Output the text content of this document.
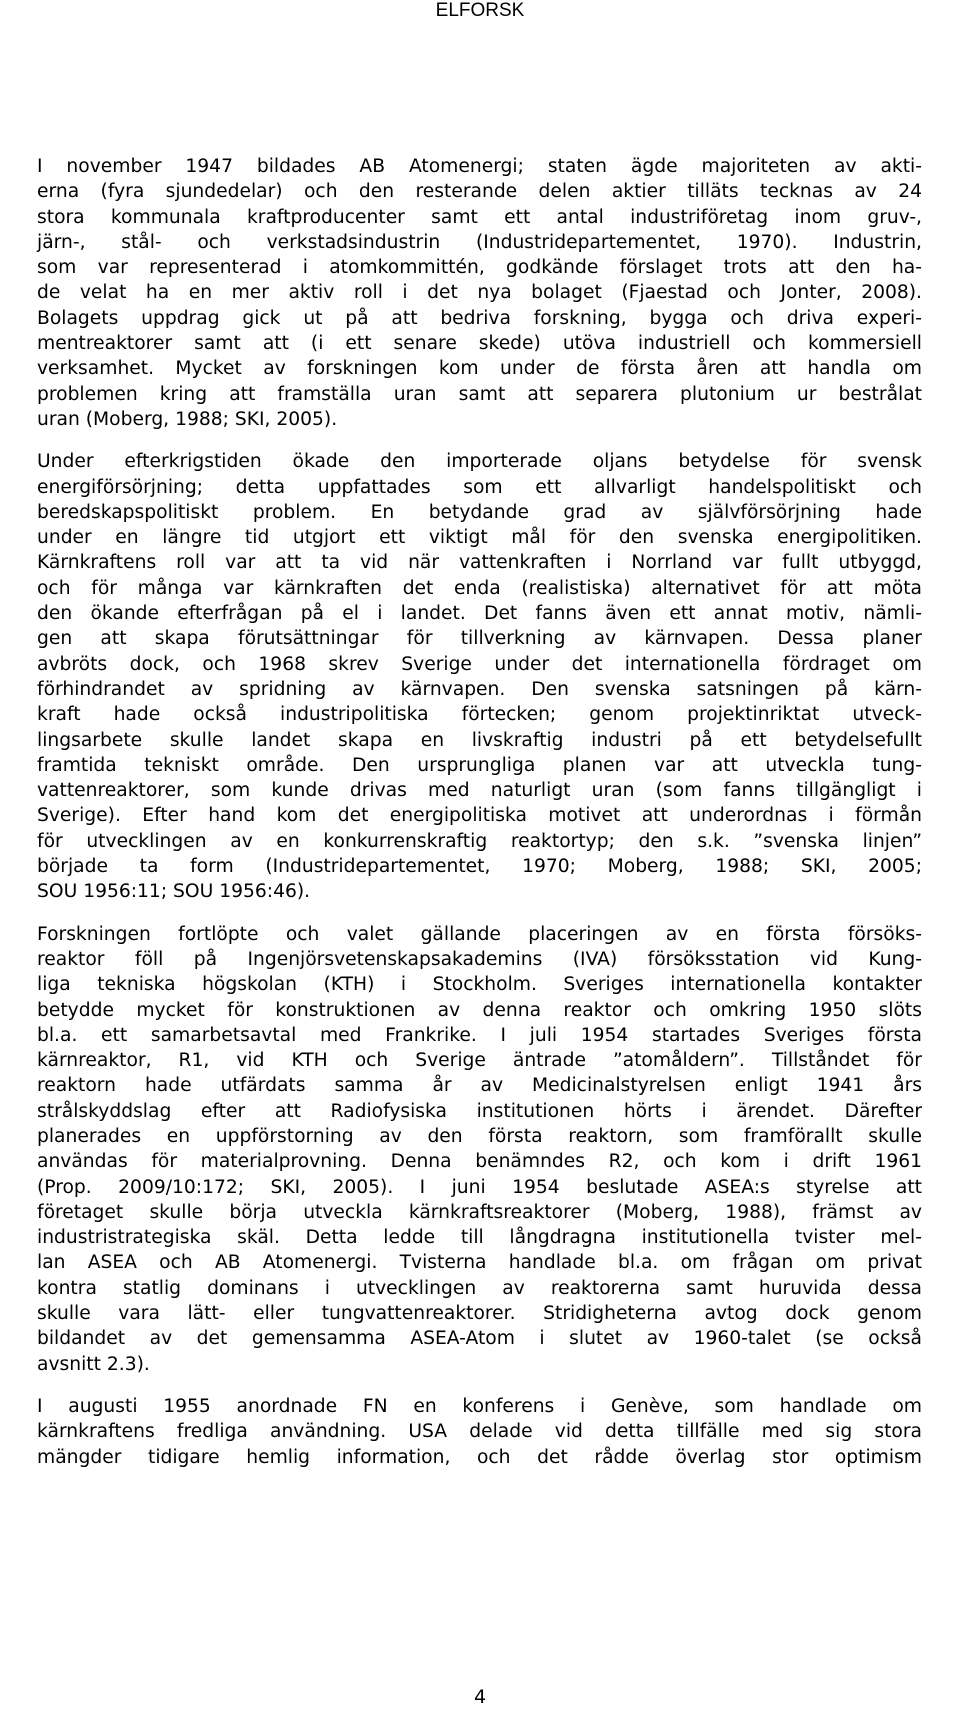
ELFORSK
I november 1947 bildades AB Atomenergi; staten ägde majoriteten av akti-
erna (fyra sjundedelar) och den resterande delen aktier tilläts tecknas av 24
stora kommunala kraftproducenter samt ett antal industriföretag inom gruv-,
järn-, stål- och verkstadsindustrin (Industridepartementet, 1970). Industrin,
som var representerad i atomkommittén, godkände förslaget trots att den ha-
de velat ha en mer aktiv roll i det nya bolaget (Fjaestad och Jonter, 2008).
Bolagets uppdrag gick ut på att bedriva forskning, bygga och driva experi-
mentreaktorer samt att (i ett senare skede) utöva industriell och kommersiell
verksamhet. Mycket av forskningen kom under de första åren att handla om
problemen kring att framställa uran samt att separera plutonium ur bestrålat
uran (Moberg, 1988; SKI, 2005).
Under efterkrigstiden ökade den importerade oljans betydelse för svensk
energiförsörjning; detta uppfattades som ett allvarligt handelspolitiskt och
beredskapspolitiskt problem. En betydande grad av självförsörjning hade
under en längre tid utgjort ett viktigt mål för den svenska energipolitiken.
Kärnkraftens roll var att ta vid när vattenkraften i Norrland var fullt utbyggd,
och för många var kärnkraften det enda (realistiska) alternativet för att möta
den ökande efterfrågan på el i landet. Det fanns även ett annat motiv, nämli-
gen att skapa förutsättningar för tillverkning av kärnvapen. Dessa planer
avbröts dock, och 1968 skrev Sverige under det internationella fördraget om
förhindrandet av spridning av kärnvapen. Den svenska satsningen på kärn-
kraft hade också industripolitiska förtecken; genom projektinriktat utveck-
lingsarbete skulle landet skapa en livskraftig industri på ett betydelsefullt
framtida tekniskt område. Den ursprungliga planen var att utveckla tung-
vattenreaktorer, som kunde drivas med naturligt uran (som fanns tillgängligt i
Sverige). Efter hand kom det energipolitiska motivet att underordnas i förmån
för utvecklingen av en konkurrenskraftig reaktortyp; den s.k. ”svenska linjen”
började ta form (Industridepartementet, 1970; Moberg, 1988; SKI, 2005;
SOU 1956:11; SOU 1956:46).
Forskningen fortlöpte och valet gällande placeringen av en första försöks-
reaktor föll på Ingenjörsvetenskapsakademins (IVA) försöksstation vid Kung-
liga tekniska högskolan (KTH) i Stockholm. Sveriges internationella kontakter
betydde mycket för konstruktionen av denna reaktor och omkring 1950 slöts
bl.a. ett samarbetsavtal med Frankrike. I juli 1954 startades Sveriges första
kärnreaktor, R1, vid KTH och Sverige äntrade ”atomåldern”. Tillståndet för
reaktorn hade utfärdats samma år av Medicinalstyrelsen enligt 1941 års
strålskyddslag efter att Radiofysiska institutionen hörts i ärendet. Därefter
planerades en uppförstorning av den första reaktorn, som framförallt skulle
användas för materialprovning. Denna benämndes R2, och kom i drift 1961
(Prop. 2009/10:172; SKI, 2005). I juni 1954 beslutade ASEA:s styrelse att
företaget skulle börja utveckla kärnkraftsreaktorer (Moberg, 1988), främst av
industristrategiska skäl. Detta ledde till långdragna institutionella tvister mel-
lan ASEA och AB Atomenergi. Tvisterna handlade bl.a. om frågan om privat
kontra statlig dominans i utvecklingen av reaktorerna samt huruvida dessa
skulle vara lätt- eller tungvattenreaktorer. Stridigheterna avtog dock genom
bildandet av det gemensamma ASEA-Atom i slutet av 1960-talet (se också
avsnitt 2.3).
I augusti 1955 anordnade FN en konferens i Genève, som handlade om
kärnkraftens fredliga användning. USA delade vid detta tillfälle med sig stora
mängder tidigare hemlig information, och det rådde överlag stor optimism
4
